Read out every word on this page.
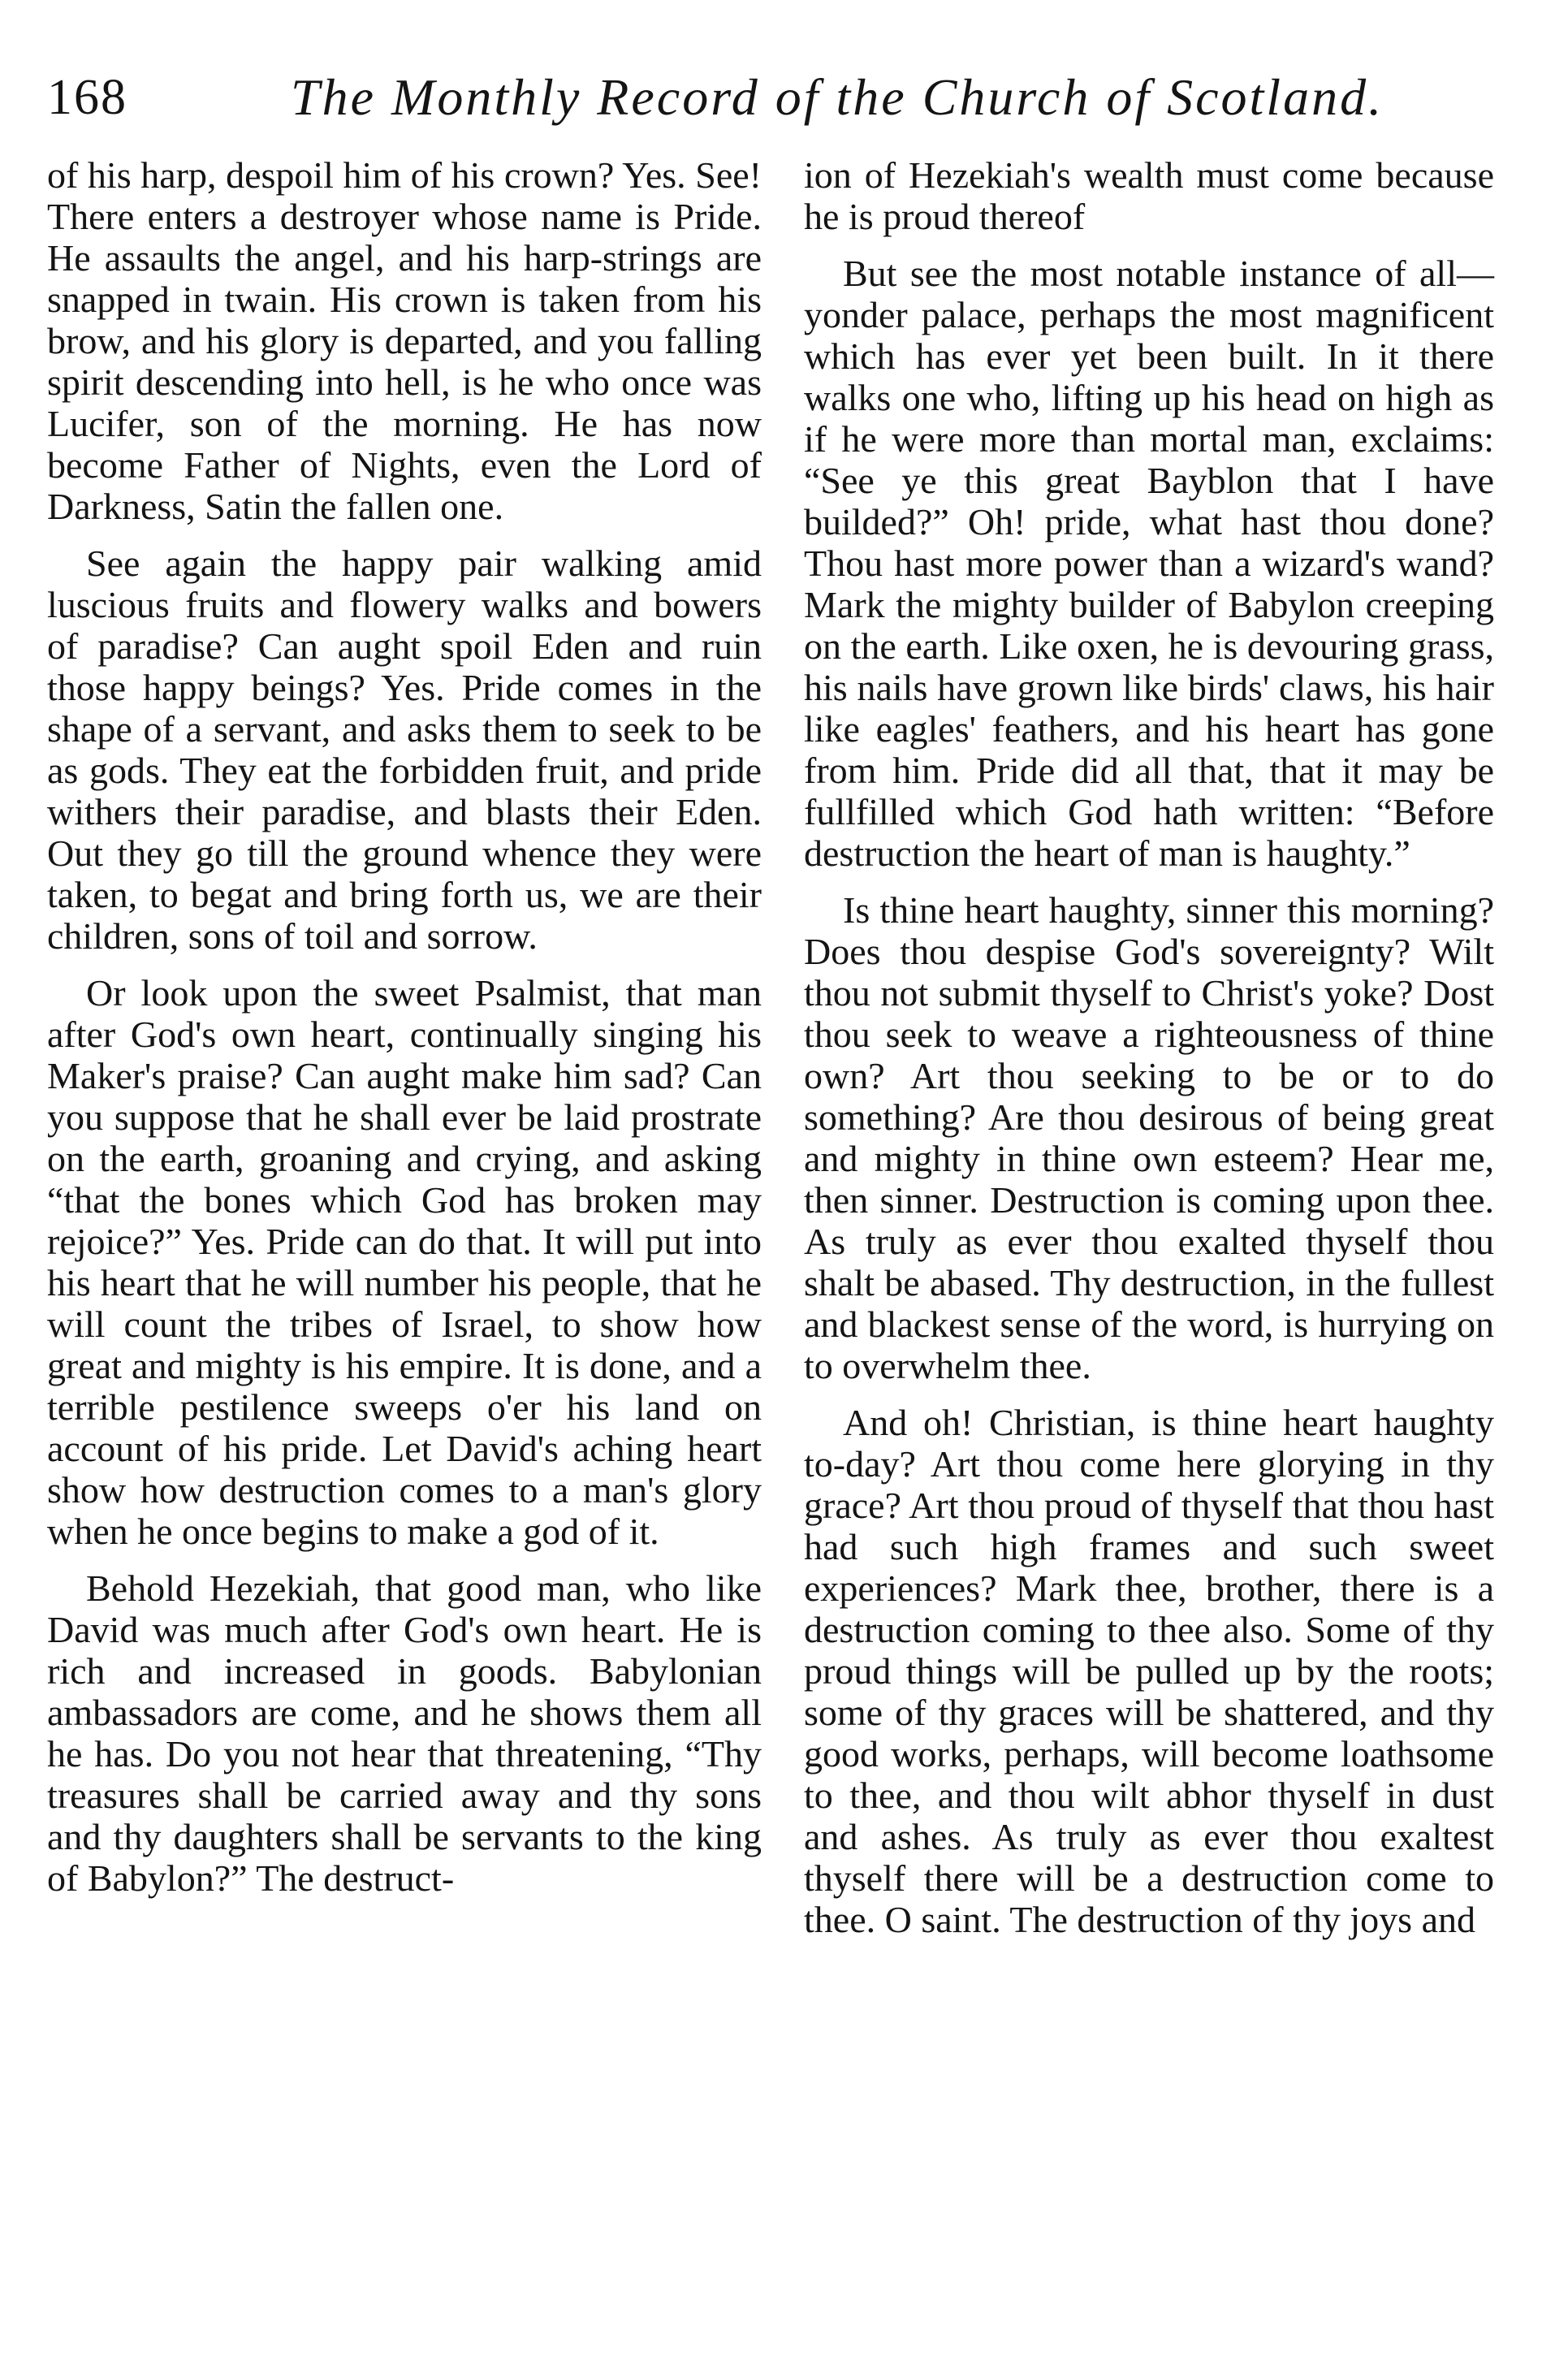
168	The Monthly Record of the Church of Scotland.

of his harp, despoil him of his crown? Yes. See! There enters a destroyer whose name is Pride. He assaults the angel, and his harp-strings are snapped in twain. His crown is taken from his brow, and his glory is departed, and you falling spirit descending into hell, is he who once was Lucifer, son of the morning. He has now become Father of Nights, even the Lord of Darkness, Satin the fallen one.

See again the happy pair walking amid luscious fruits and flowery walks and bowers of paradise? Can aught spoil Eden and ruin those happy beings? Yes. Pride comes in the shape of a servant, and asks them to seek to be as gods. They eat the forbidden fruit, and pride withers their paradise, and blasts their Eden. Out they go till the ground whence they were taken, to begat and bring forth us, we are their children, sons of toil and sorrow.

Or look upon the sweet Psalmist, that man after God's own heart, continually singing his Maker's praise? Can aught make him sad? Can you suppose that he shall ever be laid prostrate on the earth, groaning and crying, and asking “that the bones which God has broken may rejoice?” Yes. Pride can do that. It will put into his heart that he will number his people, that he will count the tribes of Israel, to show how great and mighty is his empire. It is done, and a terrible pestilence sweeps o'er his land on account of his pride. Let David's aching heart show how destruction comes to a man's glory when he once begins to make a god of it.

Behold Hezekiah, that good man, who like David was much after God's own heart. He is rich and increased in goods. Babylonian ambassadors are come, and he shows them all he has. Do you not hear that threatening, “Thy treasures shall be carried away and thy sons and thy daughters shall be servants to the king of Babylon?” The destruct-

ion of Hezekiah's wealth must come because he is proud thereof

But see the most notable instance of all—yonder palace, perhaps the most magnificent which has ever yet been built. In it there walks one who, lifting up his head on high as if he were more than mortal man, exclaims: “See ye this great Bayblon that I have builded?” Oh! pride, what hast thou done? Thou hast more power than a wizard's wand? Mark the mighty builder of Babylon creeping on the earth. Like oxen, he is devouring grass, his nails have grown like birds' claws, his hair like eagles' feathers, and his heart has gone from him. Pride did all that, that it may be fullfilled which God hath written: “Before destruction the heart of man is haughty.”

Is thine heart haughty, sinner this morning? Does thou despise God's sovereignty? Wilt thou not submit thyself to Christ's yoke? Dost thou seek to weave a righteousness of thine own? Art thou seeking to be or to do something? Are thou desirous of being great and mighty in thine own esteem? Hear me, then sinner. Destruction is coming upon thee. As truly as ever thou exalted thyself thou shalt be abased. Thy destruction, in the fullest and blackest sense of the word, is hurrying on to overwhelm thee.

And oh! Christian, is thine heart haughty to-day? Art thou come here glorying in thy grace? Art thou proud of thyself that thou hast had such high frames and such sweet experiences? Mark thee, brother, there is a destruction coming to thee also. Some of thy proud things will be pulled up by the roots; some of thy graces will be shattered, and thy good works, perhaps, will become loathsome to thee, and thou wilt abhor thyself in dust and ashes. As truly as ever thou exaltest thyself there will be a destruction come to thee. O saint. The destruction of thy joys and
